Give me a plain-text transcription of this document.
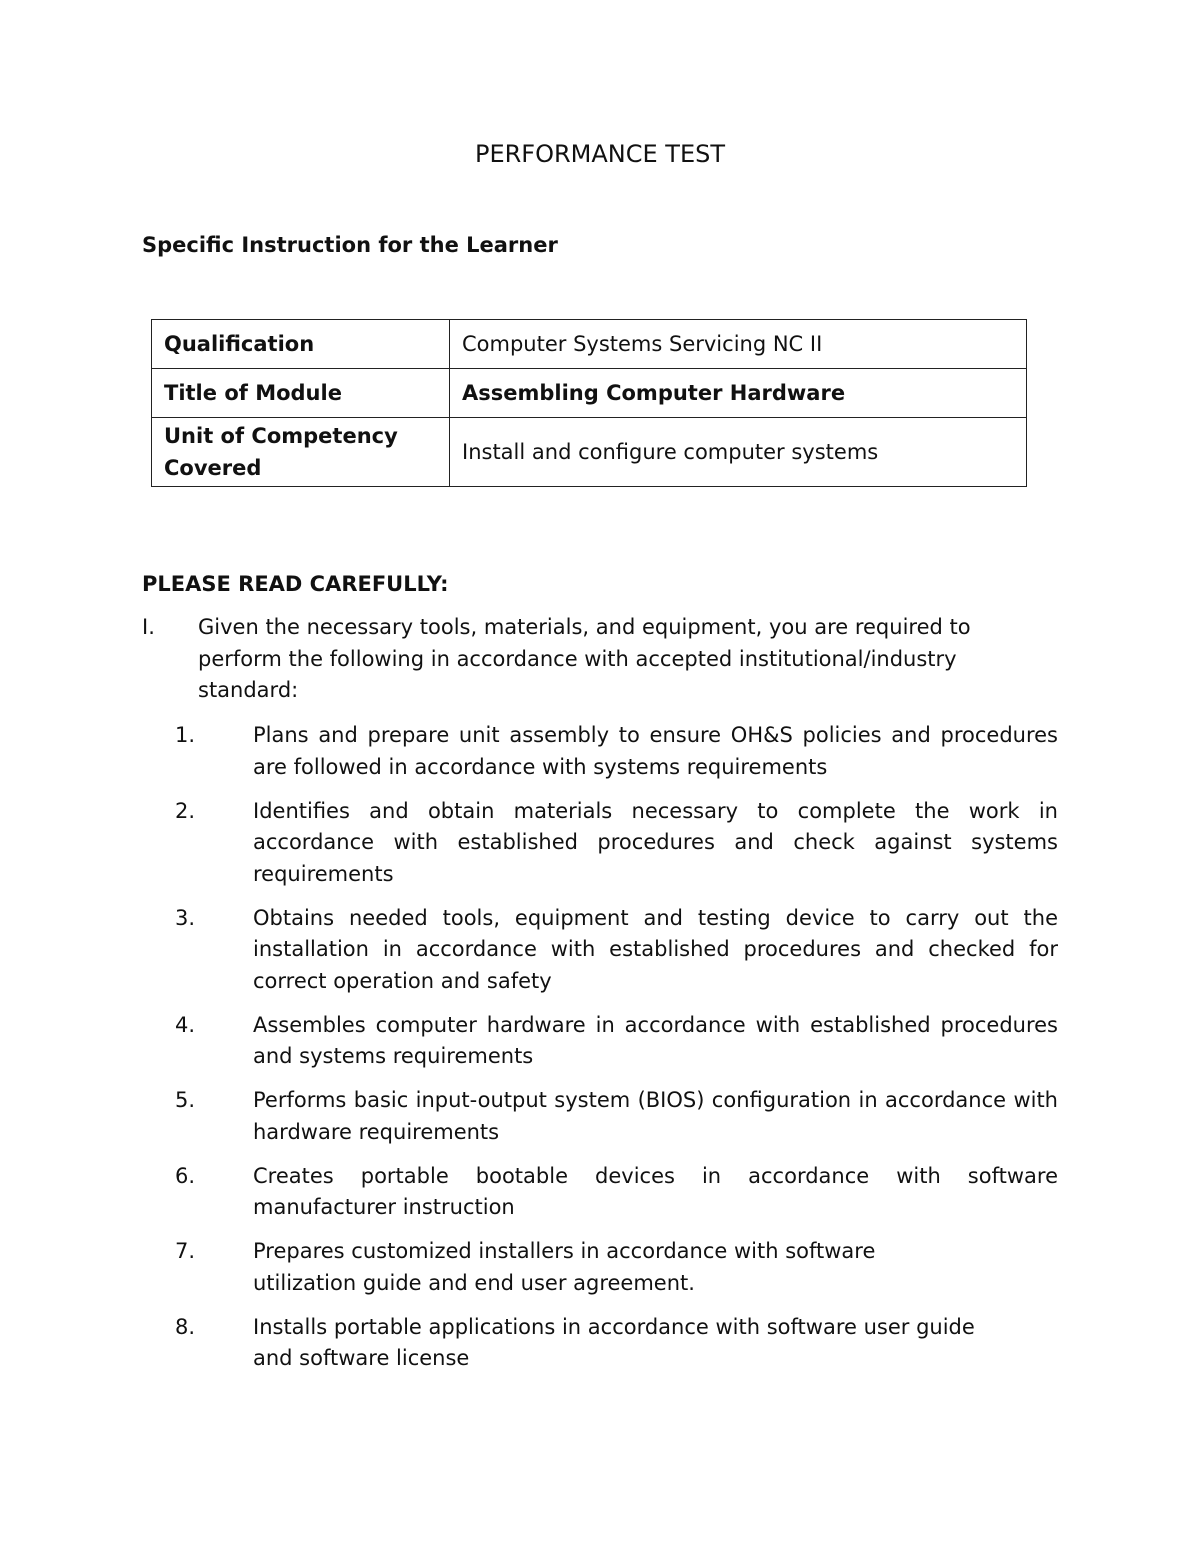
PERFORMANCE TEST
Specific Instruction for the Learner
Qualification	Computer Systems Servicing NC II
Title of Module	Assembling Computer Hardware
Unit of Competency Covered	Install and configure computer systems
PLEASE READ CAREFULLY:
I. Given the necessary tools, materials, and equipment, you are required to perform the following in accordance with accepted institutional/industry standard:
1.	Plans and prepare unit assembly to ensure OH&S policies and procedures are followed in accordance with systems requirements
2.	Identifies and obtain materials necessary to complete the work in accordance with established procedures and check against systems requirements
3.	Obtains needed tools, equipment and testing device to carry out the installation in accordance with established procedures and checked for correct operation and safety
4.	Assembles computer hardware in accordance with established procedures and systems requirements
5.	Performs basic input-output system (BIOS) configuration in accordance with hardware requirements
6.	Creates portable bootable devices in accordance with software manufacturer instruction
7.	Prepares customized installers in accordance with software utilization guide and end user agreement.
8.	Installs portable applications in accordance with software user guide and software license
